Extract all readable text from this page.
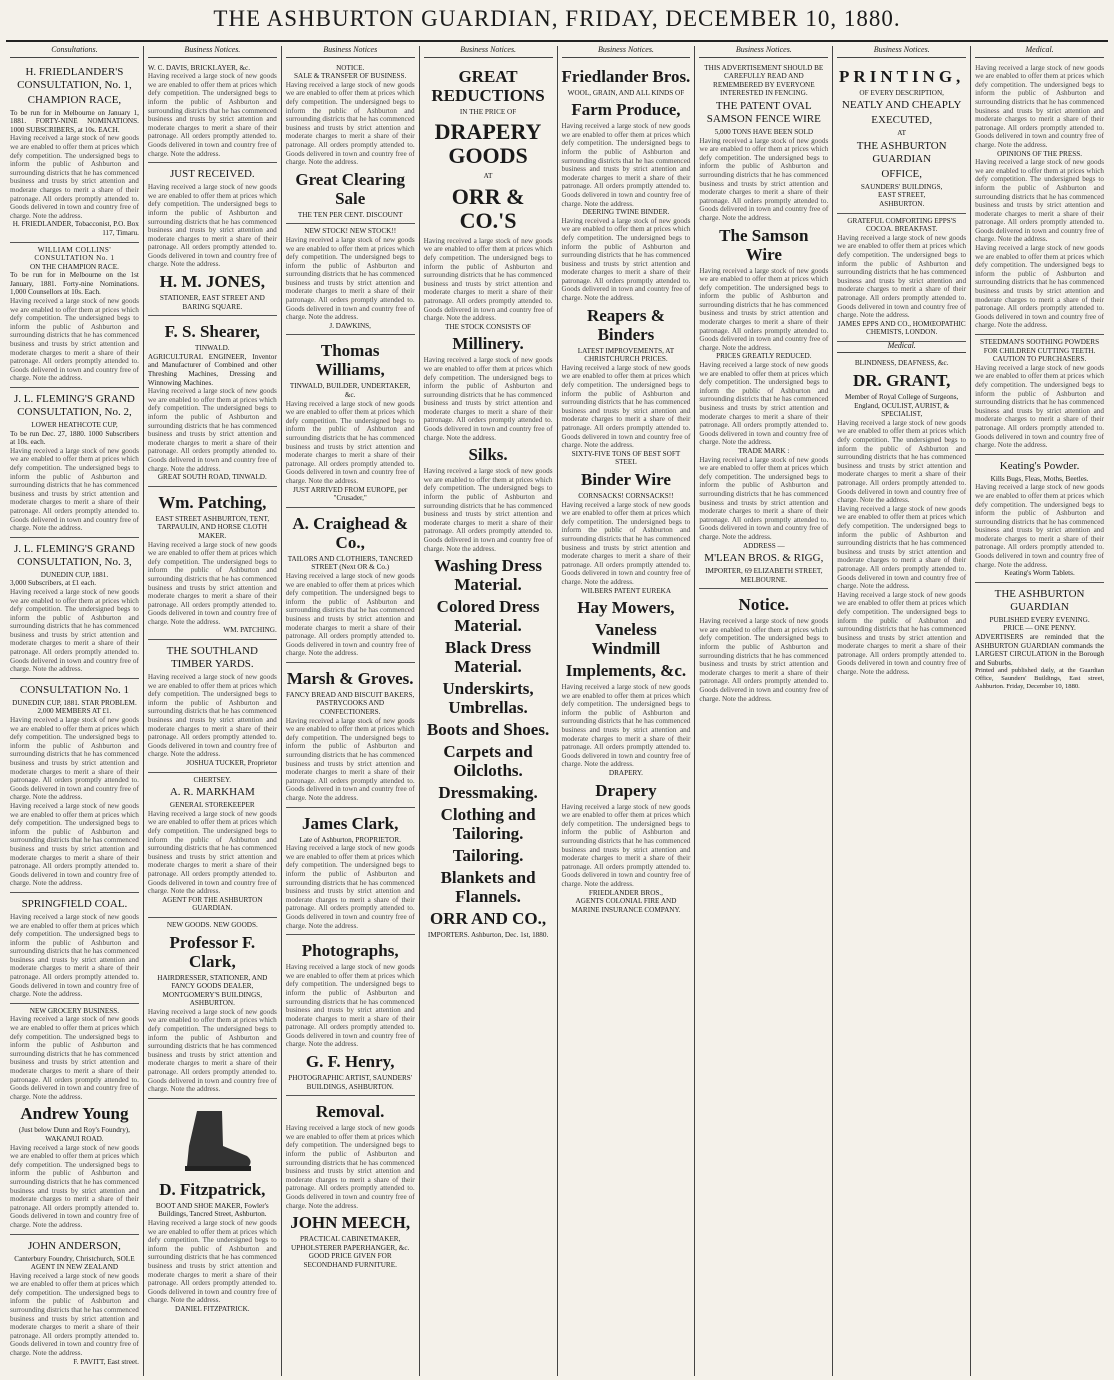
THE ASHBURTON GUARDIAN, FRIDAY, DECEMBER 10, 1880.
Consultations.
H. FRIEDLANDER'S CONSULTATION, No. 1,
CHAMPION RACE,
To be run for in Melbourne on January 1, 1881. FORTY-NINE NOMINATIONS. 1000 SUBSCRIBERS, at 10s. EACH.
Having received a large stock of new goods we are enabled to offer them at prices which defy competition. The undersigned begs to inform the public of Ashburton and surrounding districts that he has commenced business and trusts by strict attention and moderate charges to merit a share of their patronage. All orders promptly attended to. Goods delivered in town and country free of charge. Note the address.
H. FRIEDLANDER, Tobacconist, P.O. Box 117, Timaru.
WILLIAM COLLINS' CONSULTATION No. 1
ON THE CHAMPION RACE.
To be run for in Melbourne on the 1st January, 1881. Forty-nine Nominations. 1,000 Counsellors at 10s. Each.
Having received a large stock of new goods we are enabled to offer them at prices which defy competition. The undersigned begs to inform the public of Ashburton and surrounding districts that he has commenced business and trusts by strict attention and moderate charges to merit a share of their patronage. All orders promptly attended to. Goods delivered in town and country free of charge. Note the address.
J. L. FLEMING'S GRAND CONSULTATION, No. 2,
LOWER HEATHCOTE CUP,
To be run Dec. 27, 1880. 1000 Subscribers at 10s. each.
Having received a large stock of new goods we are enabled to offer them at prices which defy competition. The undersigned begs to inform the public of Ashburton and surrounding districts that he has commenced business and trusts by strict attention and moderate charges to merit a share of their patronage. All orders promptly attended to. Goods delivered in town and country free of charge. Note the address.
J. L. FLEMING'S GRAND CONSULTATION, No. 3,
DUNEDIN CUP, 1881.
3,000 Subscribers, at £1 each.
Having received a large stock of new goods we are enabled to offer them at prices which defy competition. The undersigned begs to inform the public of Ashburton and surrounding districts that he has commenced business and trusts by strict attention and moderate charges to merit a share of their patronage. All orders promptly attended to. Goods delivered in town and country free of charge. Note the address.
CONSULTATION No. 1
DUNEDIN CUP, 1881. STAR PROBLEM.
2,000 MEMBERS AT £1.
Having received a large stock of new goods we are enabled to offer them at prices which defy competition. The undersigned begs to inform the public of Ashburton and surrounding districts that he has commenced business and trusts by strict attention and moderate charges to merit a share of their patronage. All orders promptly attended to. Goods delivered in town and country free of charge. Note the address.
Having received a large stock of new goods we are enabled to offer them at prices which defy competition. The undersigned begs to inform the public of Ashburton and surrounding districts that he has commenced business and trusts by strict attention and moderate charges to merit a share of their patronage. All orders promptly attended to. Goods delivered in town and country free of charge. Note the address.
SPRINGFIELD COAL.
Having received a large stock of new goods we are enabled to offer them at prices which defy competition. The undersigned begs to inform the public of Ashburton and surrounding districts that he has commenced business and trusts by strict attention and moderate charges to merit a share of their patronage. All orders promptly attended to. Goods delivered in town and country free of charge. Note the address.
NEW GROCERY BUSINESS.
Having received a large stock of new goods we are enabled to offer them at prices which defy competition. The undersigned begs to inform the public of Ashburton and surrounding districts that he has commenced business and trusts by strict attention and moderate charges to merit a share of their patronage. All orders promptly attended to. Goods delivered in town and country free of charge. Note the address.
Andrew Young
(Just below Dunn and Roy's Foundry), WAKANUI ROAD.
Having received a large stock of new goods we are enabled to offer them at prices which defy competition. The undersigned begs to inform the public of Ashburton and surrounding districts that he has commenced business and trusts by strict attention and moderate charges to merit a share of their patronage. All orders promptly attended to. Goods delivered in town and country free of charge. Note the address.
JOHN ANDERSON,
Canterbury Foundry, Christchurch, SOLE AGENT IN NEW ZEALAND
Having received a large stock of new goods we are enabled to offer them at prices which defy competition. The undersigned begs to inform the public of Ashburton and surrounding districts that he has commenced business and trusts by strict attention and moderate charges to merit a share of their patronage. All orders promptly attended to. Goods delivered in town and country free of charge. Note the address.
F. PAVITT, East street.
Business Notices.
W. C. DAVIS, BRICKLAYER, &c.
Having received a large stock of new goods we are enabled to offer them at prices which defy competition. The undersigned begs to inform the public of Ashburton and surrounding districts that he has commenced business and trusts by strict attention and moderate charges to merit a share of their patronage. All orders promptly attended to. Goods delivered in town and country free of charge. Note the address.
JUST RECEIVED.
Having received a large stock of new goods we are enabled to offer them at prices which defy competition. The undersigned begs to inform the public of Ashburton and surrounding districts that he has commenced business and trusts by strict attention and moderate charges to merit a share of their patronage. All orders promptly attended to. Goods delivered in town and country free of charge. Note the address.
H. M. JONES,
STATIONER, EAST STREET AND BARING SQUARE.
F. S. Shearer,
TINWALD.
AGRICULTURAL ENGINEER, Inventor and Manufacturer of Combined and other Threshing Machines, Dressing and Winnowing Machines.
Having received a large stock of new goods we are enabled to offer them at prices which defy competition. The undersigned begs to inform the public of Ashburton and surrounding districts that he has commenced business and trusts by strict attention and moderate charges to merit a share of their patronage. All orders promptly attended to. Goods delivered in town and country free of charge. Note the address.
GREAT SOUTH ROAD, TINWALD.
Wm. Patching,
EAST STREET ASHBURTON, TENT, TARPAULIN, AND HORSE CLOTH MAKER.
Having received a large stock of new goods we are enabled to offer them at prices which defy competition. The undersigned begs to inform the public of Ashburton and surrounding districts that he has commenced business and trusts by strict attention and moderate charges to merit a share of their patronage. All orders promptly attended to. Goods delivered in town and country free of charge. Note the address.
WM. PATCHING.
THE SOUTHLAND TIMBER YARDS.
Having received a large stock of new goods we are enabled to offer them at prices which defy competition. The undersigned begs to inform the public of Ashburton and surrounding districts that he has commenced business and trusts by strict attention and moderate charges to merit a share of their patronage. All orders promptly attended to. Goods delivered in town and country free of charge. Note the address.
JOSHUA TUCKER, Proprietor
CHERTSEY.
A. R. MARKHAM
GENERAL STOREKEEPER
Having received a large stock of new goods we are enabled to offer them at prices which defy competition. The undersigned begs to inform the public of Ashburton and surrounding districts that he has commenced business and trusts by strict attention and moderate charges to merit a share of their patronage. All orders promptly attended to. Goods delivered in town and country free of charge. Note the address.
AGENT FOR THE ASHBURTON GUARDIAN.
NEW GOODS. NEW GOODS.
Professor F. Clark,
HAIRDRESSER, STATIONER, AND FANCY GOODS DEALER, MONTGOMERY'S BUILDINGS, ASHBURTON.
Having received a large stock of new goods we are enabled to offer them at prices which defy competition. The undersigned begs to inform the public of Ashburton and surrounding districts that he has commenced business and trusts by strict attention and moderate charges to merit a share of their patronage. All orders promptly attended to. Goods delivered in town and country free of charge. Note the address.
D. Fitzpatrick,
BOOT AND SHOE MAKER, Fowler's Buildings, Tancred Street, Ashburton.
Having received a large stock of new goods we are enabled to offer them at prices which defy competition. The undersigned begs to inform the public of Ashburton and surrounding districts that he has commenced business and trusts by strict attention and moderate charges to merit a share of their patronage. All orders promptly attended to. Goods delivered in town and country free of charge. Note the address.
DANIEL FITZPATRICK.
Business Notices
NOTICE.
SALE & TRANSFER OF BUSINESS.
Having received a large stock of new goods we are enabled to offer them at prices which defy competition. The undersigned begs to inform the public of Ashburton and surrounding districts that he has commenced business and trusts by strict attention and moderate charges to merit a share of their patronage. All orders promptly attended to. Goods delivered in town and country free of charge. Note the address.
Great Clearing Sale
THE TEN PER CENT. DISCOUNT
NEW STOCK! NEW STOCK!!
Having received a large stock of new goods we are enabled to offer them at prices which defy competition. The undersigned begs to inform the public of Ashburton and surrounding districts that he has commenced business and trusts by strict attention and moderate charges to merit a share of their patronage. All orders promptly attended to. Goods delivered in town and country free of charge. Note the address.
J. DAWKINS,
Thomas Williams,
TINWALD, BUILDER, UNDERTAKER, &c.
Having received a large stock of new goods we are enabled to offer them at prices which defy competition. The undersigned begs to inform the public of Ashburton and surrounding districts that he has commenced business and trusts by strict attention and moderate charges to merit a share of their patronage. All orders promptly attended to. Goods delivered in town and country free of charge. Note the address.
JUST ARRIVED FROM EUROPE, per "Crusader,"
A. Craighead & Co.,
TAILORS AND CLOTHIERS, TANCRED STREET (Next OR & Co.)
Having received a large stock of new goods we are enabled to offer them at prices which defy competition. The undersigned begs to inform the public of Ashburton and surrounding districts that he has commenced business and trusts by strict attention and moderate charges to merit a share of their patronage. All orders promptly attended to. Goods delivered in town and country free of charge. Note the address.
Marsh & Groves.
FANCY BREAD AND BISCUIT BAKERS, PASTRYCOOKS AND CONFECTIONERS.
Having received a large stock of new goods we are enabled to offer them at prices which defy competition. The undersigned begs to inform the public of Ashburton and surrounding districts that he has commenced business and trusts by strict attention and moderate charges to merit a share of their patronage. All orders promptly attended to. Goods delivered in town and country free of charge. Note the address.
James Clark,
Late of Ashburton, PROPRIETOR.
Having received a large stock of new goods we are enabled to offer them at prices which defy competition. The undersigned begs to inform the public of Ashburton and surrounding districts that he has commenced business and trusts by strict attention and moderate charges to merit a share of their patronage. All orders promptly attended to. Goods delivered in town and country free of charge. Note the address.
Photographs,
Having received a large stock of new goods we are enabled to offer them at prices which defy competition. The undersigned begs to inform the public of Ashburton and surrounding districts that he has commenced business and trusts by strict attention and moderate charges to merit a share of their patronage. All orders promptly attended to. Goods delivered in town and country free of charge. Note the address.
G. F. Henry,
PHOTOGRAPHIC ARTIST, SAUNDERS' BUILDINGS, ASHBURTON.
Removal.
Having received a large stock of new goods we are enabled to offer them at prices which defy competition. The undersigned begs to inform the public of Ashburton and surrounding districts that he has commenced business and trusts by strict attention and moderate charges to merit a share of their patronage. All orders promptly attended to. Goods delivered in town and country free of charge. Note the address.
JOHN MEECH,
PRACTICAL CABINETMAKER, UPHOLSTERER PAPERHANGER, &c.
GOOD PRICE GIVEN FOR SECONDHAND FURNITURE.
Business Notices.
GREAT REDUCTIONS
IN THE PRICE OF
DRAPERY GOODS
AT
ORR & CO.'S
Having received a large stock of new goods we are enabled to offer them at prices which defy competition. The undersigned begs to inform the public of Ashburton and surrounding districts that he has commenced business and trusts by strict attention and moderate charges to merit a share of their patronage. All orders promptly attended to. Goods delivered in town and country free of charge. Note the address.
THE STOCK CONSISTS OF
Millinery.
Having received a large stock of new goods we are enabled to offer them at prices which defy competition. The undersigned begs to inform the public of Ashburton and surrounding districts that he has commenced business and trusts by strict attention and moderate charges to merit a share of their patronage. All orders promptly attended to. Goods delivered in town and country free of charge. Note the address.
Silks.
Having received a large stock of new goods we are enabled to offer them at prices which defy competition. The undersigned begs to inform the public of Ashburton and surrounding districts that he has commenced business and trusts by strict attention and moderate charges to merit a share of their patronage. All orders promptly attended to. Goods delivered in town and country free of charge. Note the address.
Washing Dress Material.
Colored Dress Material.
Black Dress Material.
Underskirts, Umbrellas.
Boots and Shoes.
Carpets and Oilcloths.
Dressmaking.
Clothing and Tailoring.
Tailoring.
Blankets and Flannels.
ORR AND CO.,
IMPORTERS. Ashburton, Dec. 1st, 1880.
Business Notices.
Friedlander Bros.
WOOL, GRAIN, AND ALL KINDS OF
Farm Produce,
Having received a large stock of new goods we are enabled to offer them at prices which defy competition. The undersigned begs to inform the public of Ashburton and surrounding districts that he has commenced business and trusts by strict attention and moderate charges to merit a share of their patronage. All orders promptly attended to. Goods delivered in town and country free of charge. Note the address.
DEERING TWINE BINDER.
Having received a large stock of new goods we are enabled to offer them at prices which defy competition. The undersigned begs to inform the public of Ashburton and surrounding districts that he has commenced business and trusts by strict attention and moderate charges to merit a share of their patronage. All orders promptly attended to. Goods delivered in town and country free of charge. Note the address.
Reapers & Binders
LATEST IMPROVEMENTS, AT CHRISTCHURCH PRICES.
Having received a large stock of new goods we are enabled to offer them at prices which defy competition. The undersigned begs to inform the public of Ashburton and surrounding districts that he has commenced business and trusts by strict attention and moderate charges to merit a share of their patronage. All orders promptly attended to. Goods delivered in town and country free of charge. Note the address.
SIXTY-FIVE TONS OF BEST SOFT STEEL
Binder Wire
CORNSACKS! CORNSACKS!!
Having received a large stock of new goods we are enabled to offer them at prices which defy competition. The undersigned begs to inform the public of Ashburton and surrounding districts that he has commenced business and trusts by strict attention and moderate charges to merit a share of their patronage. All orders promptly attended to. Goods delivered in town and country free of charge. Note the address.
WILBERS PATENT EUREKA
Hay Mowers,
Vaneless Windmill
Implements, &c.
Having received a large stock of new goods we are enabled to offer them at prices which defy competition. The undersigned begs to inform the public of Ashburton and surrounding districts that he has commenced business and trusts by strict attention and moderate charges to merit a share of their patronage. All orders promptly attended to. Goods delivered in town and country free of charge. Note the address.
DRAPERY.
Drapery
Having received a large stock of new goods we are enabled to offer them at prices which defy competition. The undersigned begs to inform the public of Ashburton and surrounding districts that he has commenced business and trusts by strict attention and moderate charges to merit a share of their patronage. All orders promptly attended to. Goods delivered in town and country free of charge. Note the address.
FRIEDLANDER BROS.,
AGENTS COLONIAL FIRE AND MARINE INSURANCE COMPANY.
Business Notices.
THIS ADVERTISEMENT SHOULD BE CAREFULLY READ AND REMEMBERED BY EVERYONE INTERESTED IN FENCING.
THE PATENT OVAL SAMSON FENCE WIRE
5,000 TONS HAVE BEEN SOLD
Having received a large stock of new goods we are enabled to offer them at prices which defy competition. The undersigned begs to inform the public of Ashburton and surrounding districts that he has commenced business and trusts by strict attention and moderate charges to merit a share of their patronage. All orders promptly attended to. Goods delivered in town and country free of charge. Note the address.
The Samson Wire
Having received a large stock of new goods we are enabled to offer them at prices which defy competition. The undersigned begs to inform the public of Ashburton and surrounding districts that he has commenced business and trusts by strict attention and moderate charges to merit a share of their patronage. All orders promptly attended to. Goods delivered in town and country free of charge. Note the address.
PRICES GREATLY REDUCED.
Having received a large stock of new goods we are enabled to offer them at prices which defy competition. The undersigned begs to inform the public of Ashburton and surrounding districts that he has commenced business and trusts by strict attention and moderate charges to merit a share of their patronage. All orders promptly attended to. Goods delivered in town and country free of charge. Note the address.
TRADE MARK :
Having received a large stock of new goods we are enabled to offer them at prices which defy competition. The undersigned begs to inform the public of Ashburton and surrounding districts that he has commenced business and trusts by strict attention and moderate charges to merit a share of their patronage. All orders promptly attended to. Goods delivered in town and country free of charge. Note the address.
ADDRESS —
M'LEAN BROS. & RIGG,
IMPORTER, 69 ELIZABETH STREET, MELBOURNE.
Notice.
Having received a large stock of new goods we are enabled to offer them at prices which defy competition. The undersigned begs to inform the public of Ashburton and surrounding districts that he has commenced business and trusts by strict attention and moderate charges to merit a share of their patronage. All orders promptly attended to. Goods delivered in town and country free of charge. Note the address.
Business Notices.
PRINTING,
OF EVERY DESCRIPTION,
NEATLY AND CHEAPLY
EXECUTED,
AT
THE ASHBURTON GUARDIAN
OFFICE,
SAUNDERS' BUILDINGS,
EAST STREET,
ASHBURTON.
GRATEFUL COMFORTING EPPS'S COCOA. BREAKFAST.
Having received a large stock of new goods we are enabled to offer them at prices which defy competition. The undersigned begs to inform the public of Ashburton and surrounding districts that he has commenced business and trusts by strict attention and moderate charges to merit a share of their patronage. All orders promptly attended to. Goods delivered in town and country free of charge. Note the address.
JAMES EPPS AND CO., HOMŒOPATHIC CHEMISTS, LONDON.
Medical.
BLINDNESS, DEAFNESS, &c.
DR. GRANT,
Member of Royal College of Surgeons, England, OCULIST, AURIST, & SPECIALIST,
Having received a large stock of new goods we are enabled to offer them at prices which defy competition. The undersigned begs to inform the public of Ashburton and surrounding districts that he has commenced business and trusts by strict attention and moderate charges to merit a share of their patronage. All orders promptly attended to. Goods delivered in town and country free of charge. Note the address.
Having received a large stock of new goods we are enabled to offer them at prices which defy competition. The undersigned begs to inform the public of Ashburton and surrounding districts that he has commenced business and trusts by strict attention and moderate charges to merit a share of their patronage. All orders promptly attended to. Goods delivered in town and country free of charge. Note the address.
Having received a large stock of new goods we are enabled to offer them at prices which defy competition. The undersigned begs to inform the public of Ashburton and surrounding districts that he has commenced business and trusts by strict attention and moderate charges to merit a share of their patronage. All orders promptly attended to. Goods delivered in town and country free of charge. Note the address.
Medical.
Having received a large stock of new goods we are enabled to offer them at prices which defy competition. The undersigned begs to inform the public of Ashburton and surrounding districts that he has commenced business and trusts by strict attention and moderate charges to merit a share of their patronage. All orders promptly attended to. Goods delivered in town and country free of charge. Note the address.
OPINIONS OF THE PRESS.
Having received a large stock of new goods we are enabled to offer them at prices which defy competition. The undersigned begs to inform the public of Ashburton and surrounding districts that he has commenced business and trusts by strict attention and moderate charges to merit a share of their patronage. All orders promptly attended to. Goods delivered in town and country free of charge. Note the address.
Having received a large stock of new goods we are enabled to offer them at prices which defy competition. The undersigned begs to inform the public of Ashburton and surrounding districts that he has commenced business and trusts by strict attention and moderate charges to merit a share of their patronage. All orders promptly attended to. Goods delivered in town and country free of charge. Note the address.
STEEDMAN'S SOOTHING POWDERS FOR CHILDREN CUTTING TEETH.
CAUTION TO PURCHASERS.
Having received a large stock of new goods we are enabled to offer them at prices which defy competition. The undersigned begs to inform the public of Ashburton and surrounding districts that he has commenced business and trusts by strict attention and moderate charges to merit a share of their patronage. All orders promptly attended to. Goods delivered in town and country free of charge. Note the address.
Keating's Powder.
Kills Bugs, Fleas, Moths, Beetles.
Having received a large stock of new goods we are enabled to offer them at prices which defy competition. The undersigned begs to inform the public of Ashburton and surrounding districts that he has commenced business and trusts by strict attention and moderate charges to merit a share of their patronage. All orders promptly attended to. Goods delivered in town and country free of charge. Note the address.
Keating's Worm Tablets.
THE ASHBURTON GUARDIAN
PUBLISHED EVERY EVENING.
PRICE — ONE PENNY.
ADVERTISERS are reminded that the ASHBURTON GUARDIAN commands the LARGEST CIRCULATION in the Borough and Suburbs.
Printed and published daily, at the Guardian Office, Saunders' Buildings, East street, Ashburton. Friday, December 10, 1880.
